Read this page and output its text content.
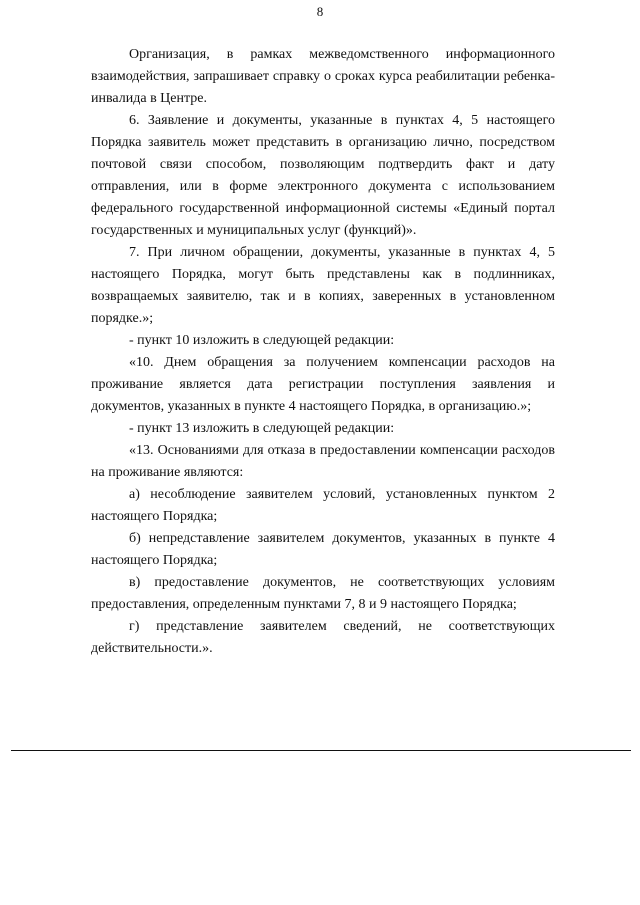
8

Организация, в рамках межведомственного информационного взаимодействия, запрашивает справку о сроках курса реабилитации ребенка-инвалида в Центре.

6. Заявление и документы, указанные в пунктах 4, 5 настоящего Порядка заявитель может представить в организацию лично, посредством почтовой связи способом, позволяющим подтвердить факт и дату отправления, или в форме электронного документа с использованием федерального государственной информационной системы «Единый портал государственных и муниципальных услуг (функций)».

7. При личном обращении, документы, указанные в пунктах 4, 5 настоящего Порядка, могут быть представлены как в подлинниках, возвращаемых заявителю, так и в копиях, заверенных в установленном порядке.»;

- пункт 10 изложить в следующей редакции:

«10. Днем обращения за получением компенсации расходов на проживание является дата регистрации поступления заявления и документов, указанных в пункте 4 настоящего Порядка, в организацию.»;

- пункт 13 изложить в следующей редакции:

«13. Основаниями для отказа в предоставлении компенсации расходов на проживание являются:

а) несоблюдение заявителем условий, установленных пунктом 2 настоящего Порядка;

б) непредставление заявителем документов, указанных в пункте 4 настоящего Порядка;

в) предоставление документов, не соответствующих условиям предоставления, определенным пунктами 7, 8 и 9 настоящего Порядка;

г) представление заявителем сведений, не соответствующих действительности.».
